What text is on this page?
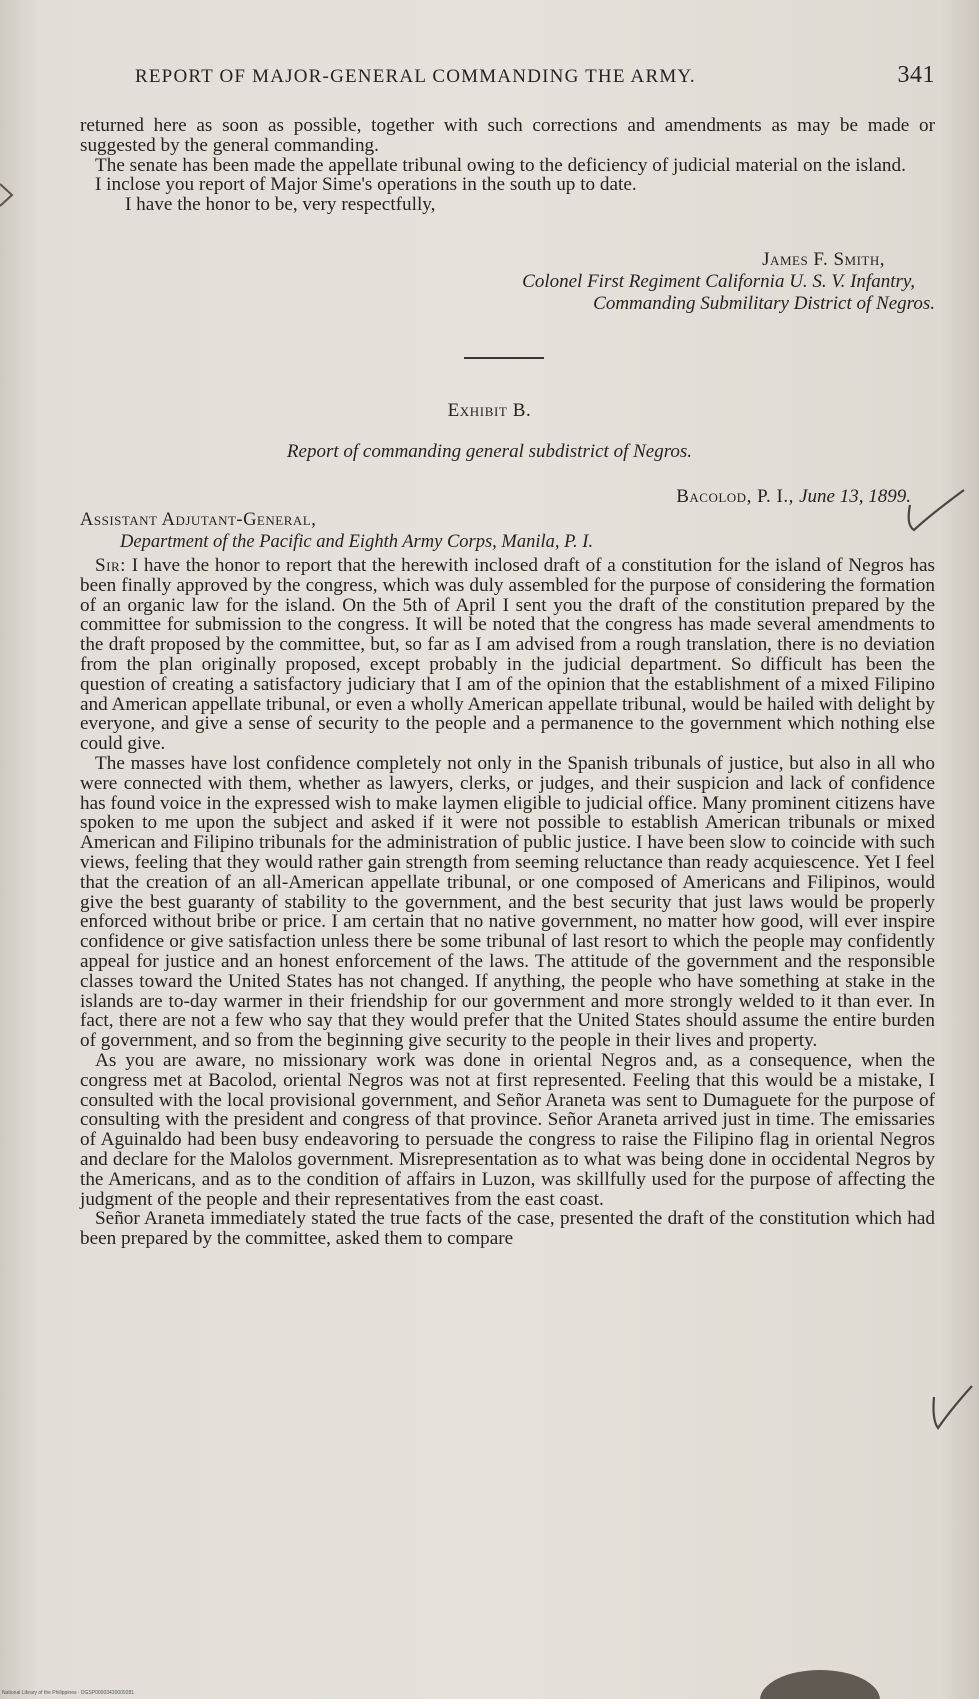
REPORT OF MAJOR-GENERAL COMMANDING THE ARMY.	341

returned here as soon as possible, together with such corrections and amendments as may be made or suggested by the general commanding.

The senate has been made the appellate tribunal owing to the deficiency of judicial material on the island.

I inclose you report of Major Sime's operations in the south up to date.

I have the honor to be, very respectfully,

James F. Smith,
Colonel First Regiment California U. S. V. Infantry,
Commanding Submilitary District of Negros.
Exhibit B.
Report of commanding general subdistrict of Negros.
Bacolod, P. I., June 13, 1899.
Assistant Adjutant-General,
Department of the Pacific and Eighth Army Corps, Manila, P. I.

Sir: I have the honor to report that the herewith inclosed draft of a constitution for the island of Negros has been finally approved by the congress, which was duly assembled for the purpose of considering the formation of an organic law for the island. On the 5th of April I sent you the draft of the constitution prepared by the committee for submission to the congress. It will be noted that the congress has made several amendments to the draft proposed by the committee, but, so far as I am advised from a rough translation, there is no deviation from the plan originally proposed, except probably in the judicial department. So difficult has been the question of creating a satisfactory judiciary that I am of the opinion that the establishment of a mixed Filipino and American appellate tribunal, or even a wholly American appellate tribunal, would be hailed with delight by everyone, and give a sense of security to the people and a permanence to the government which nothing else could give.

The masses have lost confidence completely not only in the Spanish tribunals of justice, but also in all who were connected with them, whether as lawyers, clerks, or judges, and their suspicion and lack of confidence has found voice in the expressed wish to make laymen eligible to judicial office. Many prominent citizens have spoken to me upon the subject and asked if it were not possible to establish American tribunals or mixed American and Filipino tribunals for the administration of public justice. I have been slow to coincide with such views, feeling that they would rather gain strength from seeming reluctance than ready acquiescence. Yet I feel that the creation of an all-American appellate tribunal, or one composed of Americans and Filipinos, would give the best guaranty of stability to the government, and the best security that just laws would be properly enforced without bribe or price. I am certain that no native government, no matter how good, will ever inspire confidence or give satisfaction unless there be some tribunal of last resort to which the people may confidently appeal for justice and an honest enforcement of the laws. The attitude of the government and the responsible classes toward the United States has not changed. If anything, the people who have something at stake in the islands are to-day warmer in their friendship for our government and more strongly welded to it than ever. In fact, there are not a few who say that they would prefer that the United States should assume the entire burden of government, and so from the beginning give security to the people in their lives and property.

As you are aware, no missionary work was done in oriental Negros and, as a consequence, when the congress met at Bacolod, oriental Negros was not at first represented. Feeling that this would be a mistake, I consulted with the local provisional government, and Señor Araneta was sent to Dumaguete for the purpose of consulting with the president and congress of that province. Señor Araneta arrived just in time. The emissaries of Aguinaldo had been busy endeavoring to persuade the congress to raise the Filipino flag in oriental Negros and declare for the Malolos government. Misrepresentation as to what was being done in occidental Negros by the Americans, and as to the condition of affairs in Luzon, was skillfully used for the purpose of affecting the judgment of the people and their representatives from the east coast.

Señor Araneta immediately stated the true facts of the case, presented the draft of the constitution which had been prepared by the committee, asked them to compare

National Library of the Philippines · DGSP00003430009281
